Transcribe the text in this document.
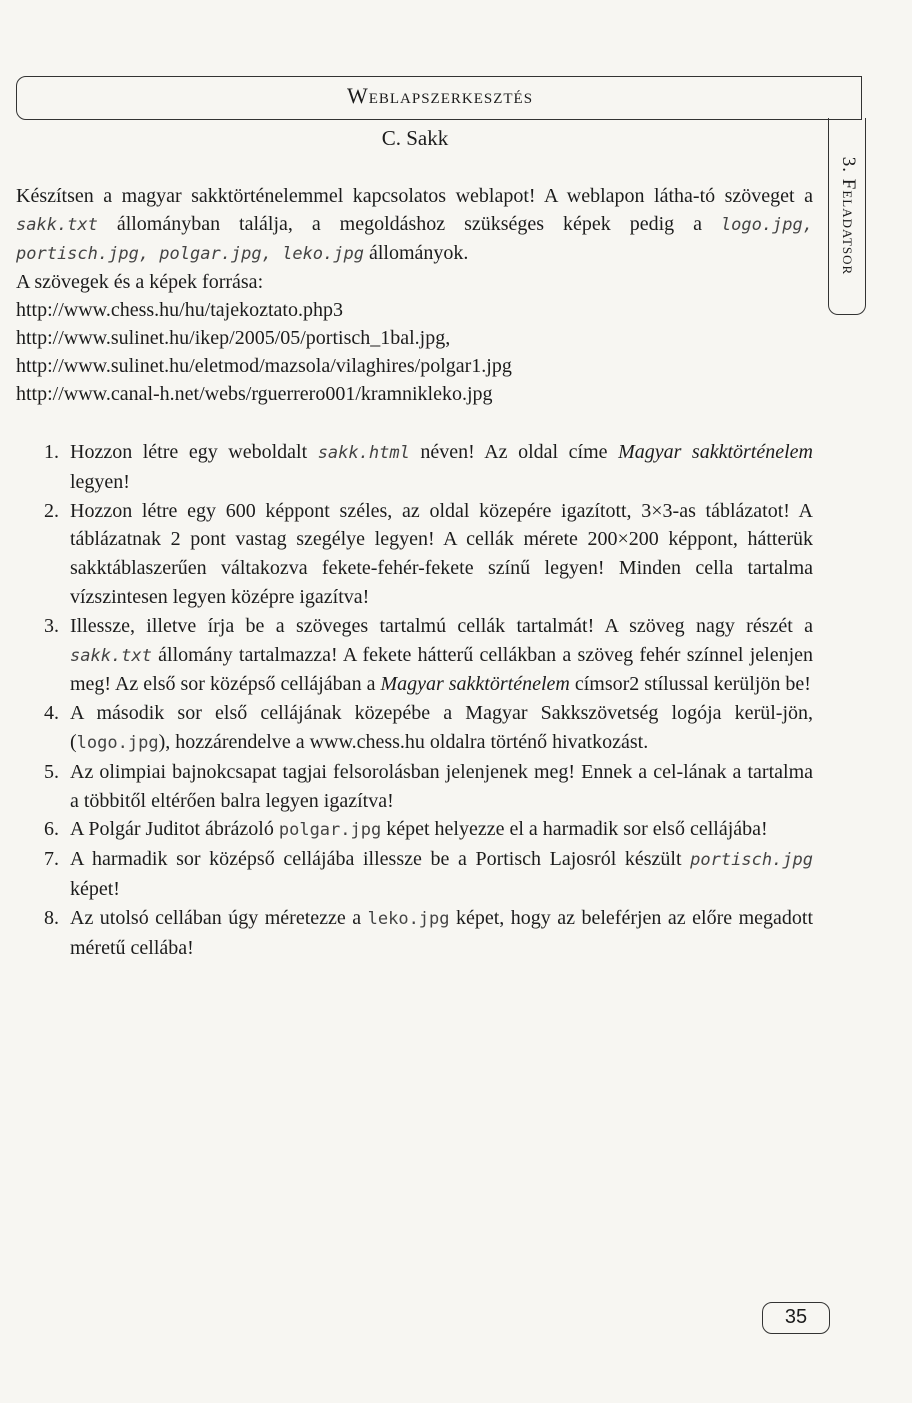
Weblapszerkesztés
3. Feladatsor
C. Sakk

Készítsen a magyar sakktörténelemmel kapcsolatos weblapot! A weblapon látha-tó szöveget a sakk.txt állományban találja, a megoldáshoz szükséges képek pedig a logo.jpg, portisch.jpg, polgar.jpg, leko.jpg állományok.

A szövegek és a képek forrása:

http://www.chess.hu/hu/tajekoztato.php3
http://www.sulinet.hu/ikep/2005/05/portisch_1bal.jpg,
http://www.sulinet.hu/eletmod/mazsola/vilaghires/polgar1.jpg
http://www.canal-h.net/webs/rguerrero001/kramnikleko.jpg
1. Hozzon létre egy weboldalt sakk.html néven! Az oldal címe Magyar sakktörténelem legyen!
2. Hozzon létre egy 600 képpont széles, az oldal közepére igazított, 3×3-as táblázatot! A táblázatnak 2 pont vastag szegélye legyen! A cellák mérete 200×200 képpont, hátterük sakktáblaszerűen váltakozva fekete-fehér-fekete színű legyen! Minden cella tartalma vízszintesen legyen középre igazítva!
3. Illessze, illetve írja be a szöveges tartalmú cellák tartalmát! A szöveg nagy részét a sakk.txt állomány tartalmazza! A fekete hátterű cellákban a szöveg fehér színnel jelenjen meg! Az első sor középső cellájában a Magyar sakktörténelem címsor2 stílussal kerüljön be!
4. A második sor első cellájának közepébe a Magyar Sakkszövetség logója kerül-jön, (logo.jpg), hozzárendelve a www.chess.hu oldalra történő hivatkozást.
5. Az olimpiai bajnokcsapat tagjai felsorolásban jelenjenek meg! Ennek a cel-lának a tartalma a többitől eltérően balra legyen igazítva!
6. A Polgár Juditot ábrázoló polgar.jpg képet helyezze el a harmadik sor első cellájába!
7. A harmadik sor középső cellájába illessze be a Portisch Lajosról készült portisch.jpg képet!
8. Az utolsó cellában úgy méretezze a leko.jpg képet, hogy az beleférjen az előre megadott méretű cellába!
35
